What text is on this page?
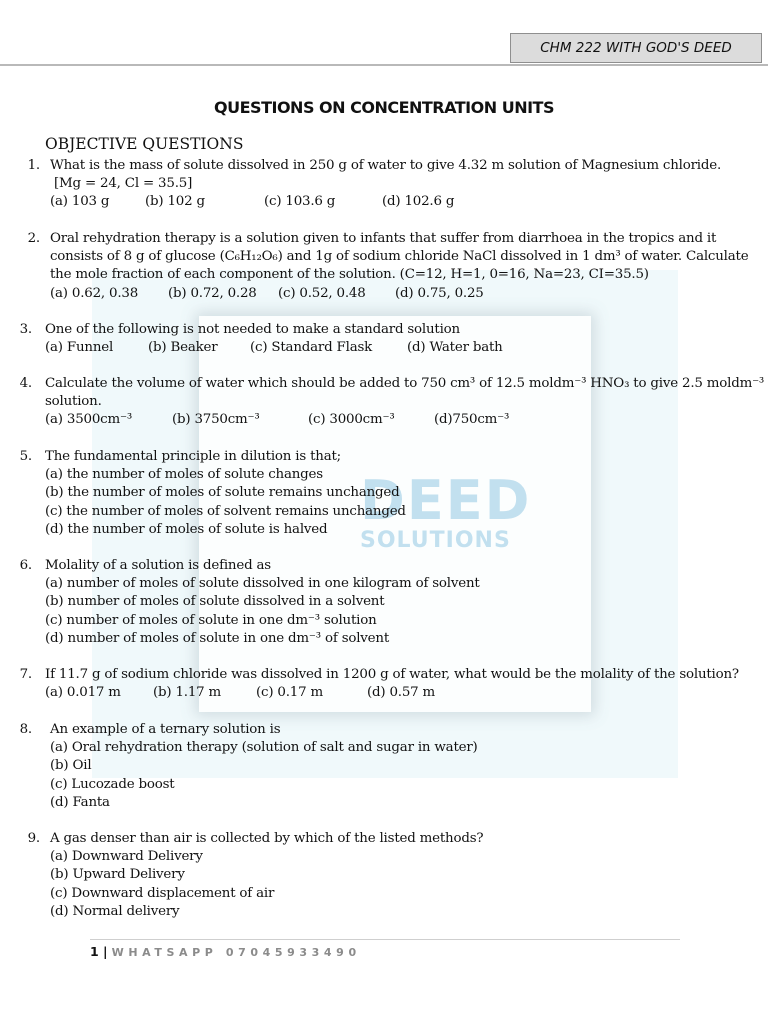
DEED
SOLUTIONS
CHM 222 WITH GOD'S DEED
QUESTIONS ON CONCENTRATION UNITS
OBJECTIVE QUESTIONS
1. What is the mass of solute dissolved in 250 g of water to give 4.32 m solution of Magnesium chloride.
[Mg = 24, Cl = 35.5]
(a) 103 g	(b) 102 g	(c) 103.6 g	(d) 102.6 g
2. Oral rehydration therapy is a solution given to infants that suffer from diarrhoea in the tropics and it
consists of 8 g of glucose (C₆H₁₂O₆) and 1g of sodium chloride NaCl dissolved in 1 dm³ of water. Calculate
the mole fraction of each component of the solution. (C=12, H=1, 0=16, Na=23, CI=35.5)
(a) 0.62, 0.38 (b) 0.72, 0.28 (c) 0.52, 0.48 (d) 0.75, 0.25
3. One of the following is not needed to make a standard solution
(a) Funnel	(b) Beaker (c) Standard Flask	(d) Water bath
4. Calculate the volume of water which should be added to 750 cm³ of 12.5 moldm⁻³ HNO₃ to give 2.5 moldm⁻³
solution.
(a) 3500cm⁻³	(b) 3750cm⁻³	(c) 3000cm⁻³	(d)750cm⁻³
5. The fundamental principle in dilution is that;
(a) the number of moles of solute changes
(b) the number of moles of solute remains unchanged
(c) the number of moles of solvent remains unchanged
(d) the number of moles of solute is halved
6. Molality of a solution is defined as
(a) number of moles of solute dissolved in one kilogram of solvent
(b) number of moles of solute dissolved in a solvent
(c) number of moles of solute in one dm⁻³ solution
(d) number of moles of solute in one dm⁻³ of solvent
7. If 11.7 g of sodium chloride was dissolved in 1200 g of water, what would be the molality of the solution?
(a) 0.017 m (b) 1.17 m	(c) 0.17 m	(d) 0.57 m
8. An example of a ternary solution is
(a) Oral rehydration therapy (solution of salt and sugar in water)
(b) Oil
(c) Lucozade boost
(d) Fanta
9. A gas denser than air is collected by which of the listed methods?
(a) Downward Delivery
(b) Upward Delivery
(c) Downward displacement of air
(d) Normal delivery
1 | WHATSAPP 07045933490
